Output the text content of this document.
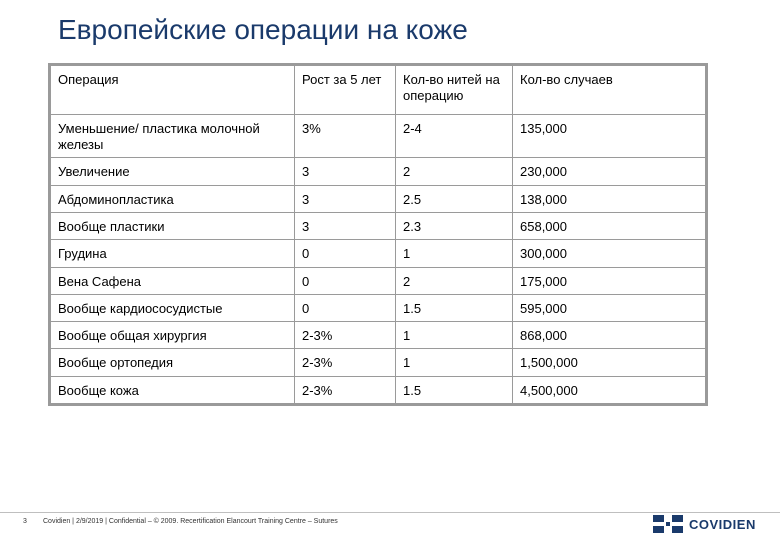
Европейские операции на коже
Операция	Рост за 5 лет	Кол-во нитей на операцию	Кол-во случаев
Уменьшение/ пластика молочной железы	3%	2-4	135,000
Увеличение	3	2	230,000
Абдоминопластика	3	2.5	138,000
Вообще пластики	3	2.3	658,000
Грудина	0	1	300,000
Вена Сафена	0	2	175,000
Вообще кардиососудистые	0	1.5	595,000
Вообще общая хирургия	2-3%	1	868,000
Вообще ортопедия	2-3%	1	1,500,000
Вообще кожа	2-3%	1.5	4,500,000
3 Covidien | 2/9/2019 | Confidential – © 2009. Recertification Elancourt Training Centre – Sutures	COVIDIEN
